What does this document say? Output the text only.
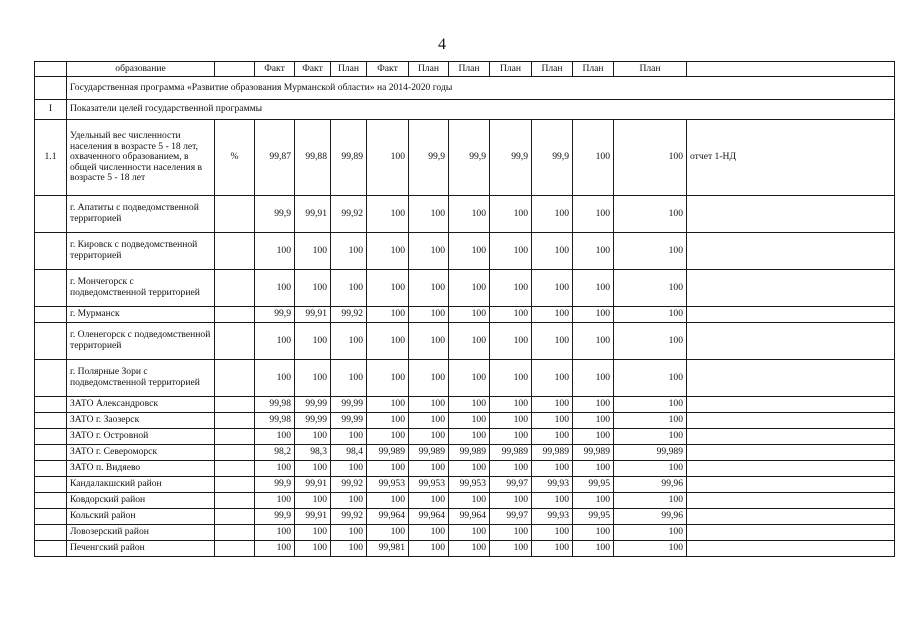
4
	образование		Факт	Факт	План	Факт	План	План	План	План	План	План	
	Государственная программа «Развитие образования Мурманской области» на 2014-2020 годы												
I	Показатели целей государственной программы												
1.1	Удельный вес численности населения в возрасте 5 - 18 лет, охваченного образованием, в общей численности населения в возрасте 5 - 18 лет	%	99,87	99,88	99,89	100	99,9	99,9	99,9	99,9	100	100	отчет 1-НД
	г. Апатиты с подведомственной территорией		99,9	99,91	99,92	100	100	100	100	100	100	100	
	г. Кировск с подведомственной территорией		100	100	100	100	100	100	100	100	100	100	
	г. Мончегорск с подведомственной территорией		100	100	100	100	100	100	100	100	100	100	
	г. Мурманск		99,9	99,91	99,92	100	100	100	100	100	100	100	
	г. Оленегорск с подведомственной территорией		100	100	100	100	100	100	100	100	100	100	
	г. Полярные Зори с подведомственной территорией		100	100	100	100	100	100	100	100	100	100	
	ЗАТО Александровск		99,98	99,99	99,99	100	100	100	100	100	100	100	
	ЗАТО г. Заозерск		99,98	99,99	99,99	100	100	100	100	100	100	100	
	ЗАТО г. Островной		100	100	100	100	100	100	100	100	100	100	
	ЗАТО г. Североморск		98,2	98,3	98,4	99,989	99,989	99,989	99,989	99,989	99,989	99,989	
	ЗАТО п. Видяево		100	100	100	100	100	100	100	100	100	100	
	Кандалакшский район		99,9	99,91	99,92	99,953	99,953	99,953	99,97	99,93	99,95	99,96	
	Ковдорский район		100	100	100	100	100	100	100	100	100	100	
	Кольский район		99,9	99,91	99,92	99,964	99,964	99,964	99,97	99,93	99,95	99,96	
	Ловозерский район		100	100	100	100	100	100	100	100	100	100	
	Печенгский район		100	100	100	99,981	100	100	100	100	100	100	
